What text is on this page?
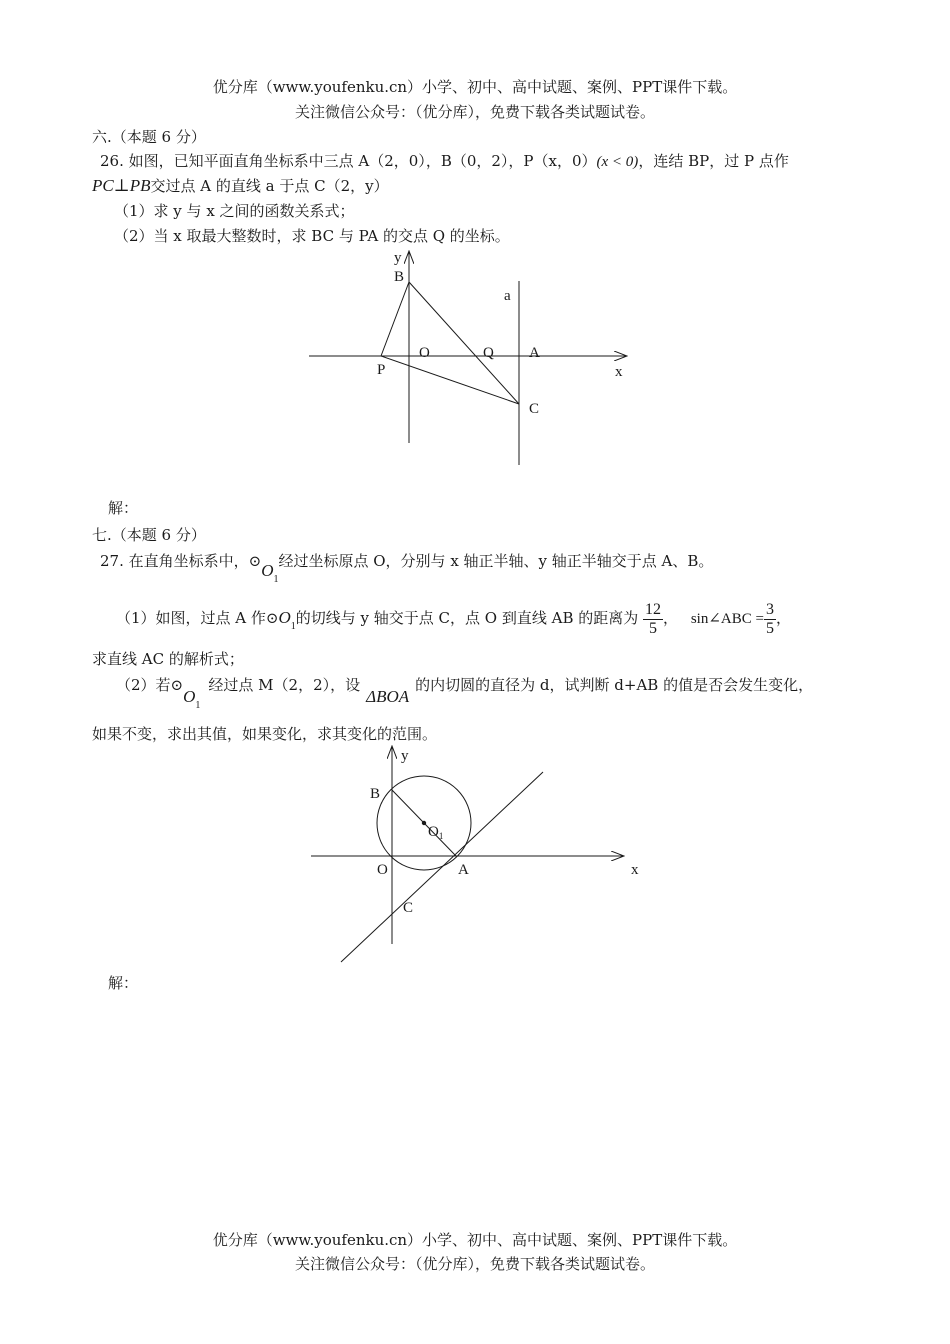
优分库（www.youfenku.cn）小学、初中、高中试题、案例、PPT课件下载。
关注微信公众号：（优分库），免费下载各类试题试卷。
六.（本题 6 分）
26. 如图，已知平面直角坐标系中三点 A（2，0），B（0，2），P（x，0）(x < 0)，连结 BP，过 P 点作
PC⊥PB交过点 A 的直线 a 于点 C（2，y）
（1）求 y 与 x 之间的函数关系式；
（2）当 x 取最大整数时，求 BC 与 PA 的交点 Q 的坐标。
y
B
a
O	Q A
P	x
C
y
B
$O_1$
O	A	x
C
解：
七.（本题 6 分）
27. 在直角坐标系中，$⊙O_1$经过坐标原点 O，分别与 x 轴正半轴、y 轴正半轴交于点 A、B。
（1）如图，过点 A 作$⊙O_1$的切线与 y 轴交于点 C，点 O 到直线 AB 的距离为 $\frac{12}{5}$ ， sin∠ABC = $\frac{3}{5}$ ，
求直线 AC 的解析式；
（2）若$⊙O_1$经过点 M（2，2），设ΔBOA的内切圆的直径为 d，试判断 d+AB 的值是否会发生变化，
如果不变，求出其值，如果变化，求其变化的范围。
解：
优分库（www.youfenku.cn）小学、初中、高中试题、案例、PPT课件下载。
关注微信公众号：（优分库），免费下载各类试题试卷。
